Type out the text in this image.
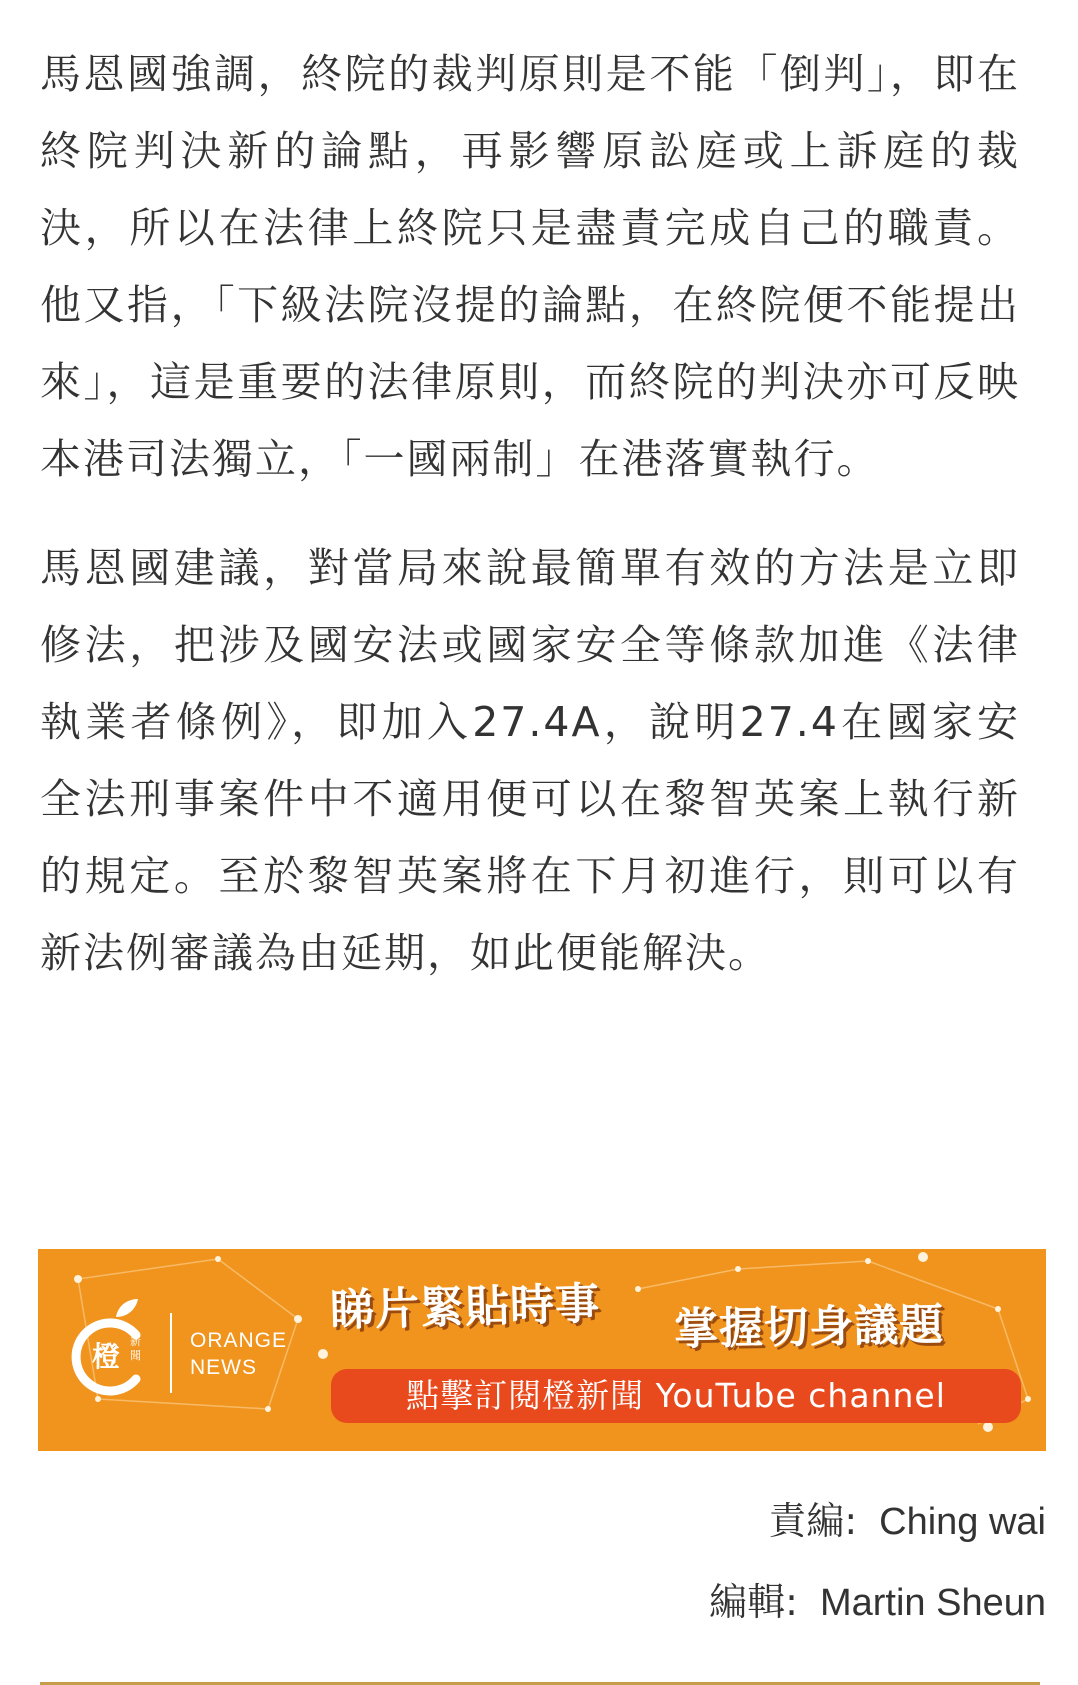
馬恩國強調，終院的裁判原則是不能「倒判」，即在終院判決新的論點，再影響原訟庭或上訴庭的裁決，所以在法律上終院只是盡責完成自己的職責。他又指，「下級法院沒提的論點，在終院便不能提出來」，這是重要的法律原則，而終院的判決亦可反映本港司法獨立，「一國兩制」在港落實執行。

馬恩國建議，對當局來說最簡單有效的方法是立即修法，把涉及國安法或國家安全等條款加進《法律執業者條例》，即加入27.4A，說明27.4在國家安全法刑事案件中不適用便可以在黎智英案上執行新的規定。至於黎智英案將在下月初進行，則可以有新法例審議為由延期，如此便能解決。

橙 新聞
ORANGE
NEWS
睇片緊貼時事 掌握切身議題
點擊訂閱橙新聞 YouTube channel
責編: Ching wai
編輯: Martin Sheun
